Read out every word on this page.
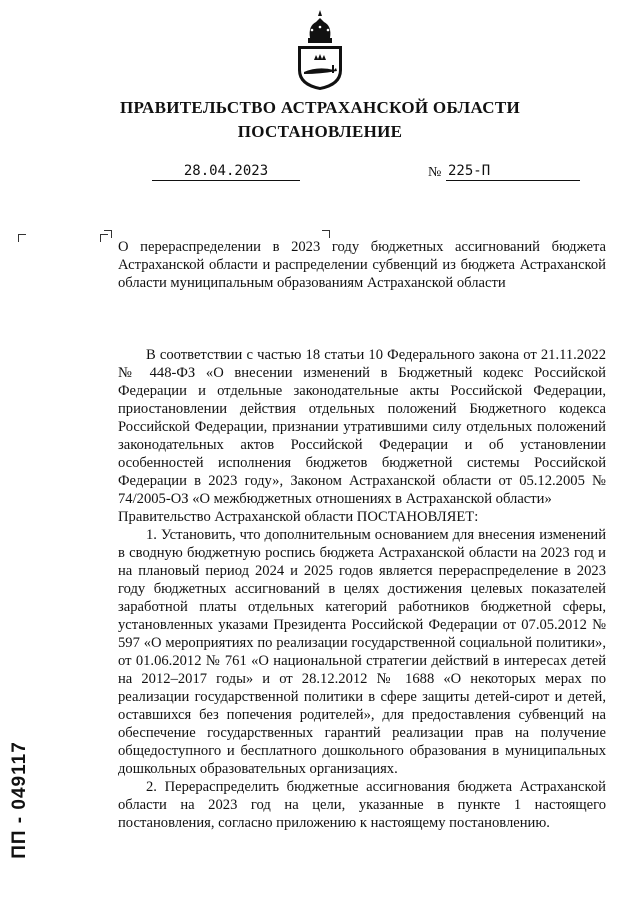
ПРАВИТЕЛЬСТВО АСТРАХАНСКОЙ ОБЛАСТИ
ПОСТАНОВЛЕНИЕ
28.04.2023	№ 225-П
О перераспределении в 2023 году бюджетных ассигнований бюджета Астраханской области и распределении субвенций из бюджета Астраханской области муниципальным образованиям Астраханской области

В соответствии с частью 18 статьи 10 Федерального закона от 21.11.2022 № 448-ФЗ «О внесении изменений в Бюджетный кодекс Российской Федерации и отдельные законодательные акты Российской Федерации, приостановлении действия отдельных положений Бюджетного кодекса Российской Федерации, признании утратившими силу отдельных положений законодательных актов Российской Федерации и об установлении особенностей исполнения бюджетов бюджетной системы Российской Федерации в 2023 году», Законом Астраханской области от 05.12.2005 № 74/2005-ОЗ «О межбюджетных отношениях в Астраханской области»

Правительство Астраханской области ПОСТАНОВЛЯЕТ:

1. Установить, что дополнительным основанием для внесения изменений в сводную бюджетную роспись бюджета Астраханской области на 2023 год и на плановый период 2024 и 2025 годов является перераспределение в 2023 году бюджетных ассигнований в целях достижения целевых показателей заработной платы отдельных категорий работников бюджетной сферы, установленных указами Президента Российской Федерации от 07.05.2012 № 597 «О мероприятиях по реализации государственной социальной политики», от 01.06.2012 № 761 «О национальной стратегии действий в интересах детей на 2012–2017 годы» и от 28.12.2012 № 1688 «О некоторых мерах по реализации государственной политики в сфере защиты детей-сирот и детей, оставшихся без попечения родителей», для предоставления субвенций на обеспечение государственных гарантий реализации прав на получение общедоступного и бесплатного дошкольного образования в муниципальных дошкольных образовательных организациях.

2. Перераспределить бюджетные ассигнования бюджета Астраханской области на 2023 год на цели, указанные в пункте 1 настоящего постановления, согласно приложению к настоящему постановлению.

ПП - 049117
